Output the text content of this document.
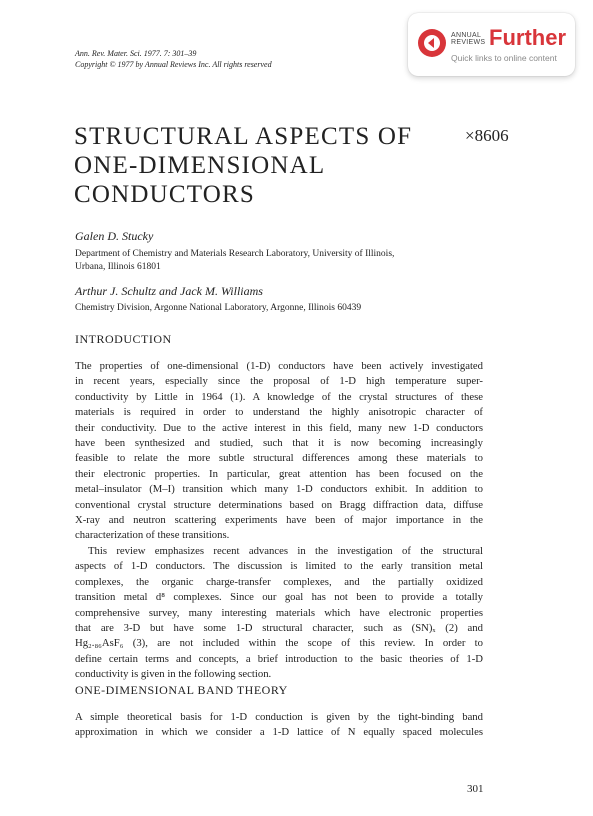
Ann. Rev. Mater. Sci. 1977. 7: 301–39
Copyright © 1977 by Annual Reviews Inc. All rights reserved
ANNUAL
REVIEWS Further
Quick links to online content
STRUCTURAL ASPECTS OF
ONE-DIMENSIONAL
CONDUCTORS
×8606
Galen D. Stucky
Department of Chemistry and Materials Research Laboratory, University of Illinois,
Urbana, Illinois 61801
Arthur J. Schultz and Jack M. Williams
Chemistry Division, Argonne National Laboratory, Argonne, Illinois 60439
INTRODUCTION
The properties of one-dimensional (1-D) conductors have been actively investigated
in recent years, especially since the proposal of 1-D high temperature super-
conductivity by Little in 1964 (1). A knowledge of the crystal structures of these
materials is required in order to understand the highly anisotropic character of
their conductivity. Due to the active interest in this field, many new 1-D conductors
have been synthesized and studied, such that it is now becoming increasingly
feasible to relate the more subtle structural differences among these materials to
their electronic properties. In particular, great attention has been focused on the
metal–insulator (M–I) transition which many 1-D conductors exhibit. In addition to
conventional crystal structure determinations based on Bragg diffraction data, diffuse
X-ray and neutron scattering experiments have been of major importance in the
characterization of these transitions.
This review emphasizes recent advances in the investigation of the structural
aspects of 1-D conductors. The discussion is limited to the early transition metal
complexes, the organic charge-transfer complexes, and the partially oxidized
transition metal d⁸ complexes. Since our goal has not been to provide a totally
comprehensive survey, many interesting materials which have electronic properties
that are 3-D but have some 1-D structural character, such as (SN)ₓ (2) and
Hg₂.₈₆AsF₆ (3), are not included within the scope of this review. In order to
define certain terms and concepts, a brief introduction to the basic theories of 1-D
conductivity is given in the following section.
ONE-DIMENSIONAL BAND THEORY
A simple theoretical basis for 1-D conduction is given by the tight-binding band
approximation in which we consider a 1-D lattice of N equally spaced molecules
301
